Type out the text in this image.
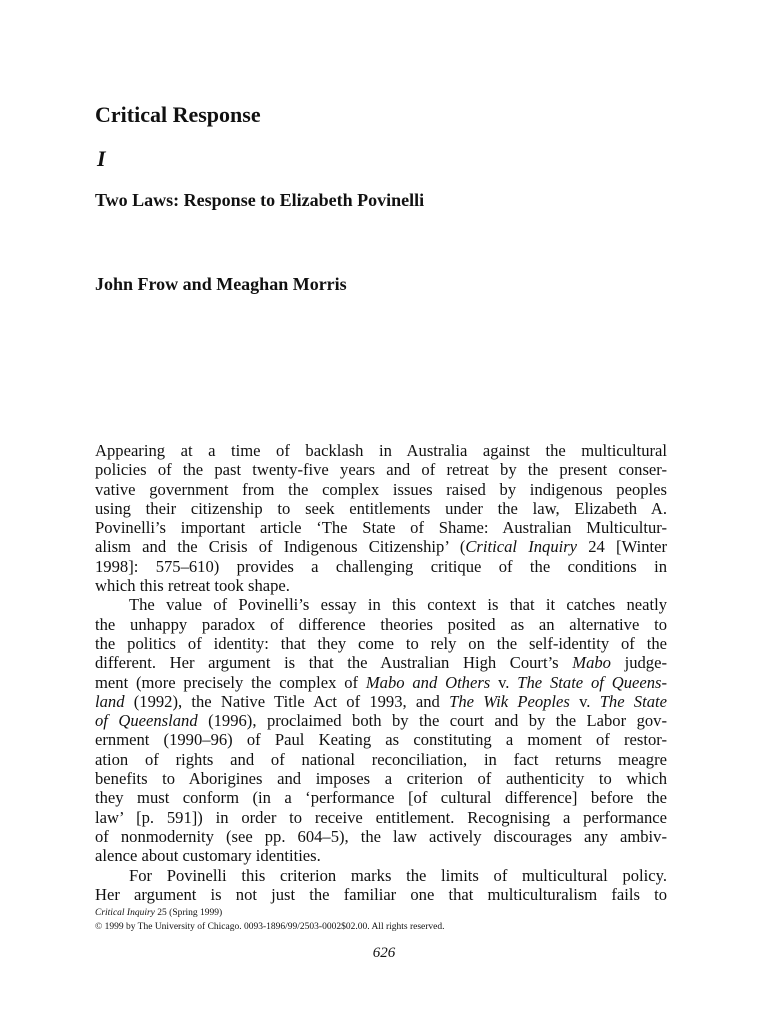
Critical Response
I
Two Laws: Response to Elizabeth Povinelli
John Frow and Meaghan Morris
Appearing at a time of backlash in Australia against the multicultural
policies of the past twenty-five years and of retreat by the present conser-
vative government from the complex issues raised by indigenous peoples
using their citizenship to seek entitlements under the law, Elizabeth A.
Povinelli’s important article ‘The State of Shame: Australian Multicultur-
alism and the Crisis of Indigenous Citizenship’ (Critical Inquiry 24 [Winter
1998]: 575–610) provides a challenging critique of the conditions in
which this retreat took shape.
The value of Povinelli’s essay in this context is that it catches neatly
the unhappy paradox of difference theories posited as an alternative to
the politics of identity: that they come to rely on the self-identity of the
different. Her argument is that the Australian High Court’s Mabo judge-
ment (more precisely the complex of Mabo and Others v. The State of Queens-
land (1992), the Native Title Act of 1993, and The Wik Peoples v. The State
of Queensland (1996), proclaimed both by the court and by the Labor gov-
ernment (1990–96) of Paul Keating as constituting a moment of restor-
ation of rights and of national reconciliation, in fact returns meagre
benefits to Aborigines and imposes a criterion of authenticity to which
they must conform (in a ‘performance [of cultural difference] before the
law’ [p. 591]) in order to receive entitlement. Recognising a performance
of nonmodernity (see pp. 604–5), the law actively discourages any ambiv-
alence about customary identities.
For Povinelli this criterion marks the limits of multicultural policy.
Her argument is not just the familiar one that multiculturalism fails to
Critical Inquiry 25 (Spring 1999)
© 1999 by The University of Chicago. 0093-1896/99/2503-0002$02.00. All rights reserved.
626
